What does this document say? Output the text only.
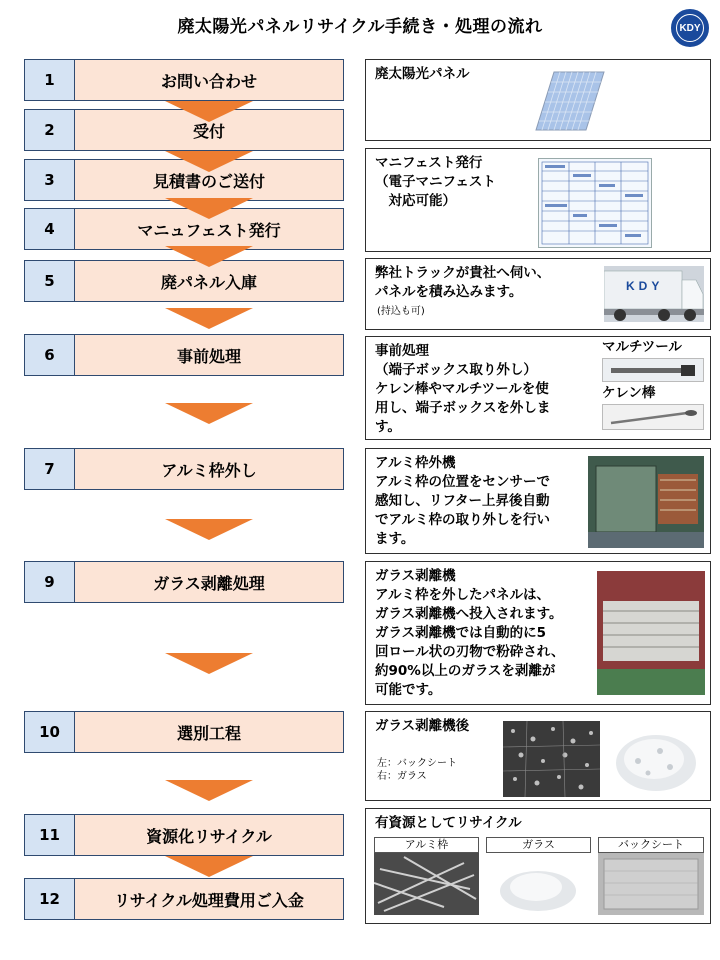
廃太陽光パネルリサイクル手続き・処理の流れ	KDY
1	お問い合わせ
2	受付
3	見積書のご送付
4	マニュフェスト発行
5	廃パネル入庫
6	事前処理
7	アルミ枠外し
9	ガラス剥離処理
10	選別工程
11	資源化リサイクル
12	リサイクル処理費用ご入金
廃太陽光パネル
マニフェスト発行
（電子マニフェスト
　対応可能）
弊社トラックが貴社へ伺い、
パネルを積み込みます。
(持込も可)
KDY
事前処理
（端子ボックス取り外し）
ケレン棒やマルチツールを使
用し、端子ボックスを外しま
す。
マルチツール
ケレン棒
アルミ枠外機
アルミ枠の位置をセンサーで
感知し、リフター上昇後自動
でアルミ枠の取り外しを行い
ます。
ガラス剥離機
アルミ枠を外したパネルは、
ガラス剥離機へ投入されます。
ガラス剥離機では自動的に5
回ロール状の刃物で粉砕され、
約90%以上のガラスを剥離が
可能です。
ガラス剥離機後
左：バックシート
右：ガラス
有資源としてリサイクル
アルミ枠	ガラス	バックシート
